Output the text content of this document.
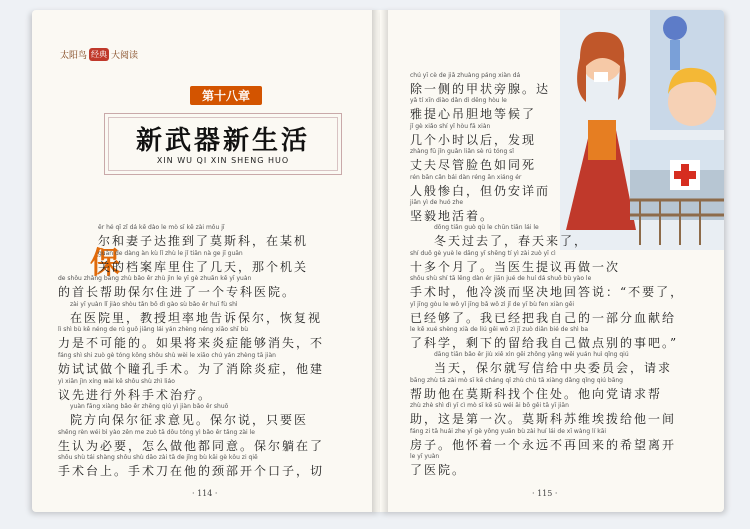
太阳鸟 经典 大阅读
第十八章
新武器新生活
XIN WU QI XIN SHENG HUO
保
ěr hé qī zǐ dá kē dào le mò sī kē zài mǒu jī
尔和妻子达推到了莫斯科，在某机
guān de dàng àn kù lǐ zhù le jǐ tiān nà ge jī guān
关的档案库里住了几天，那个机关
de shǒu zhǎng bāng zhù bǎo ěr zhù jìn le yī gè zhuān kē yī yuàn
的首长帮助保尔住进了一个专科医院。
zài yī yuàn lǐ jiào shòu tǎn bō dì gào sù bǎo ěr huī fù shì
在医院里，教授坦率地告诉保尔，恢复视
lì shì bù kě néng de rú guǒ jiāng lái yán zhèng néng xiāo shī bù
力是不可能的。如果将来炎症能够消失，不
fáng shì shi zuò gè tóng kǒng shǒu shù wèi le xiāo chú yán zhèng tā jiàn
妨试试做个瞳孔手术。为了消除炎症，他建
yì xiān jìn xíng wài kē shǒu shù zhì liáo
议先进行外科手术治疗。
yuàn fāng xiàng bǎo ěr zhēng qiú yì jiàn bǎo ěr shuō
院方向保尔征求意见。保尔说，只要医
shēng rèn wéi bì yào zěn me zuò tā dōu tóng yì bǎo ěr tǎng zài le
生认为必要，怎么做他都同意。保尔躺在了
shǒu shù tái shàng shǒu shù dāo zài tā de jǐng bù kāi gè kǒu zi qiē
手术台上。手术刀在他的颈部开个口子，切
· 114 ·
chú yī cè de jiǎ zhuàng páng xiàn dá
除一侧的甲状旁腺。达
yǎ tí xīn diào dǎn dì děng hòu le
雅提心吊胆地等候了
jǐ gè xiǎo shí yǐ hòu fā xiàn
几个小时以后，发现
zhàng fū jǐn guǎn liǎn sè rú tóng sǐ
丈夫尽管脸色如同死
rén bān cǎn bái dàn réng ān xiáng ér
人般惨白，但仍安详而
jiān yì de huó zhe
坚毅地活着。
dōng tiān guò qù le chūn tiān lái le
冬天过去了，春天来了，
shí duō gè yuè le dāng yī shēng tí yì zài zuò yī cì
十多个月了。当医生提议再做一次
shǒu shù shí tā lěng dàn ér jiān jué de huí dá shuō bù yào le
手术时，他冷淡而坚决地回答说：“不要了，
yǐ jīng gòu le wǒ yǐ jīng bǎ wǒ zì jǐ de yī bù fen xiàn gěi
已经够了。我已经把我自己的一部分血献给
le kē xué shèng xià de liú gěi wǒ zì jǐ zuò diǎn bié de shì ba
了科学，剩下的留给我自己做点别的事吧。”
dāng tiān bǎo ěr jiù xiě xìn gěi zhōng yāng wěi yuán huì qǐng qiú
当天，保尔就写信给中央委员会，请求
bāng zhù tā zài mò sī kē cháng qī zhù chù tā xiàng dǎng qǐng qiú bāng
帮助他在莫斯科找个住处。他向党请求帮
zhù zhè shì dì yī cì mò sī kē sū wéi āi bō gěi tā yī jiān
助，这是第一次。莫斯科苏维埃拨给他一间
fáng zi tā huái zhe yī gè yǒng yuǎn bù zài huí lái de xī wàng lí kāi
房子。他怀着一个永远不再回来的希望离开
le yī yuàn
了医院。
· 115 ·
